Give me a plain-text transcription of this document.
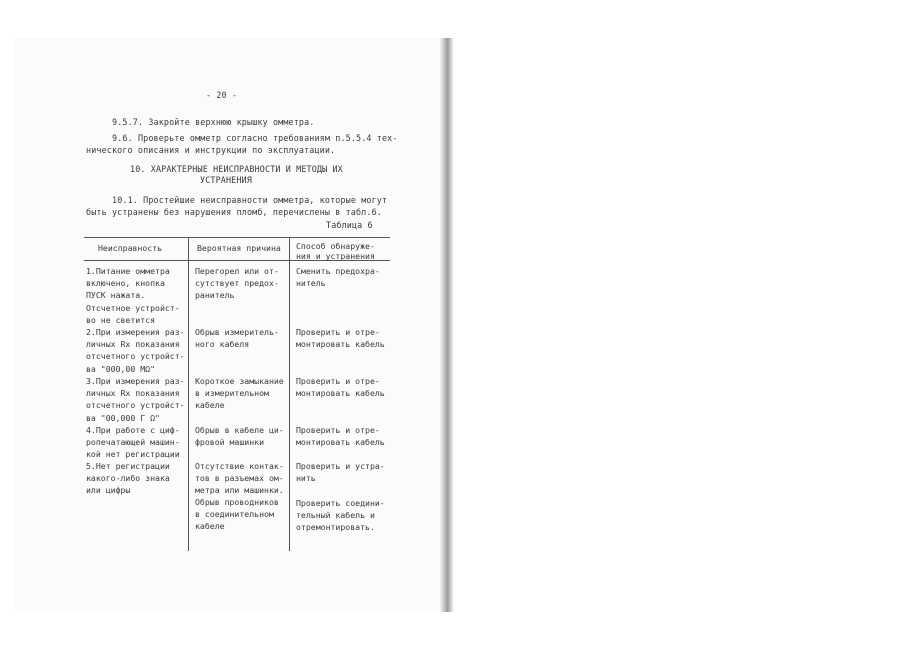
- 20 -
9.5.7. Закройте верхнюю крышку омметра.
9.6. Проверьте омметр согласно требованиям п.5.5.4 тех-
нического описания и инструкции по эксплуатации.
10. ХАРАКТЕРНЫЕ НЕИСПРАВНОСТИ И МЕТОДЫ ИХ
УСТРАНЕНИЯ
10.1. Простейшие неисправности омметра, которые могут
быть устранены без нарушения пломб, перечислены в табл.6.
Таблица 6
Неисправность	Вероятная причина Способ обнаруже-
ния и устранения
1.Питание омметра
включено, кнопка
ПУСК нажата.
Отсчетное устройст-
во не светится
Перегорел или от-
сутствует предох-
ранитель
Сменить предохра-
нитель
2.При измерения раз-
личных Rx показания
отсчетного устройст-
ва "000,00 МΩ"
Обрыв измеритель-
ного кабеля
Проверить и отре-
монтировать кабель
3.При измерения раз-
личных Rx показания
отсчетного устройст-
ва "00,000 Γ Ω"
Короткое замыкание
в измерительном
кабеле
Проверить и отре-
монтировать кабель
4.При работе с циф-
ропечатающей машин-
кой нет регистрации
Обрыв в кабеле ци-
фровой машинки
Проверить и отре-
монтировать кабель
5.Нет регистрации
какого-либо знака
или цифры
Отсутствие контак-
тов в разъемах ом-
метра или машинки.
Проверить и устра-
нить
Обрыв проводников
в соединительном
кабеле
Проверить соедини-
тельный кабель и
отремонтировать.
